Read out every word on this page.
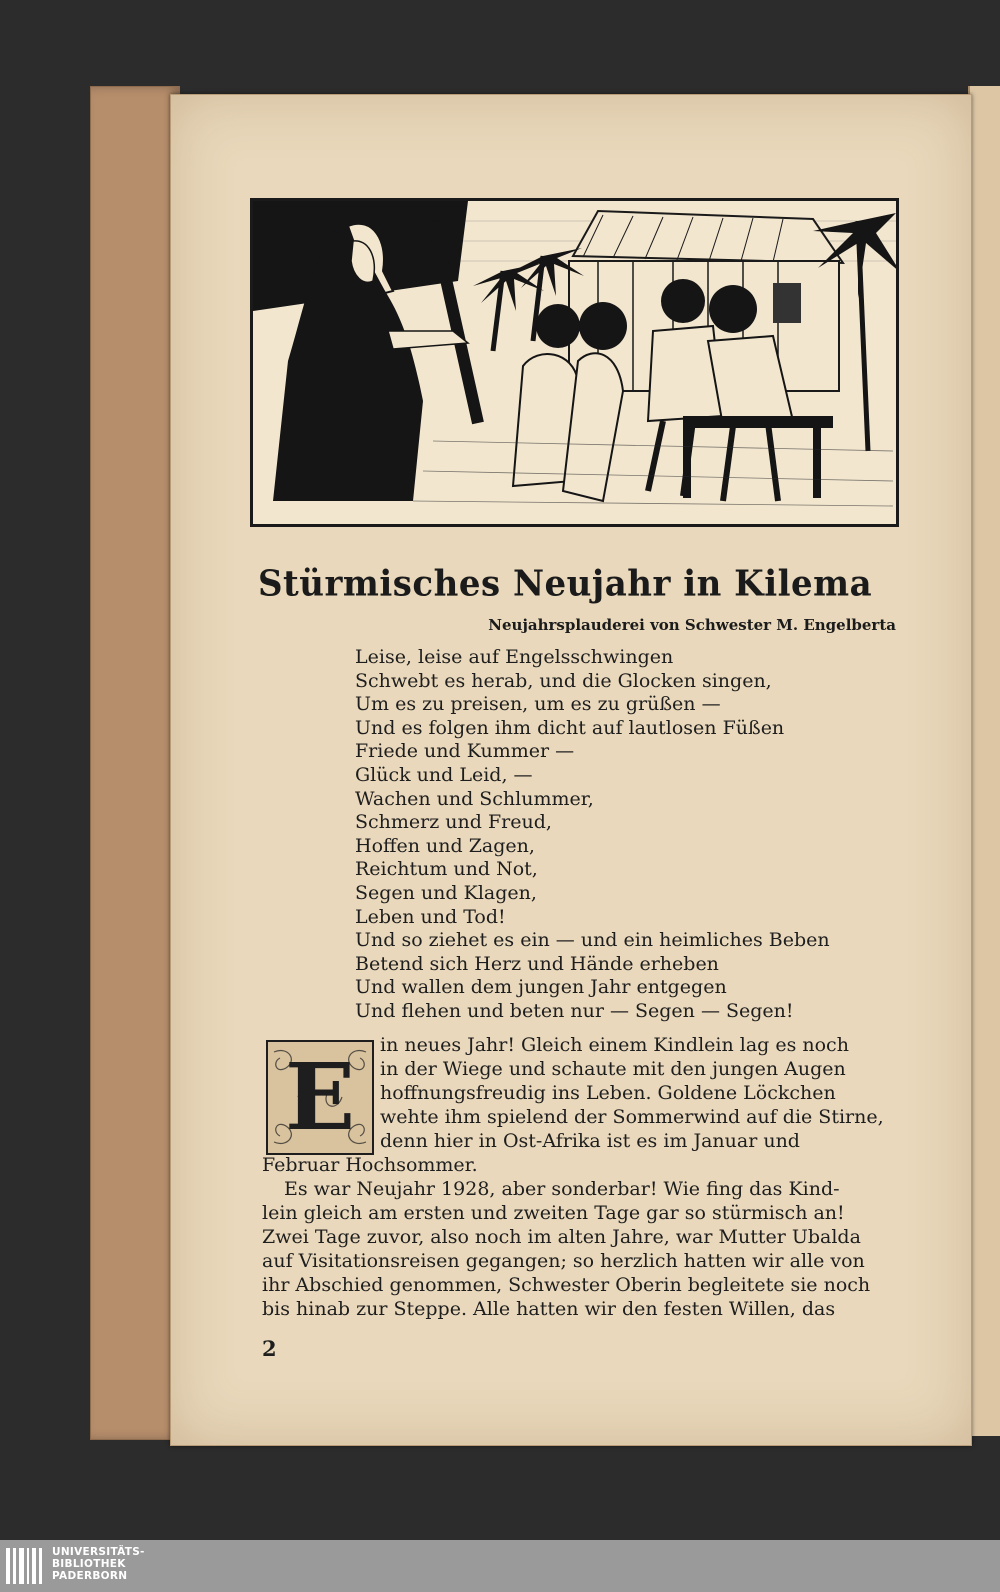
Stürmisches Neujahr in Kilema
Neujahrsplauderei von Schwester M. Engelberta
Leise, leise auf Engelsschwingen
Schwebt es herab, und die Glocken singen,
Um es zu preisen, um es zu grüßen —
Und es folgen ihm dicht auf lautlosen Füßen
Friede und Kummer —
Glück und Leid, —
Wachen und Schlummer,
Schmerz und Freud,
Hoffen und Zagen,
Reichtum und Not,
Segen und Klagen,
Leben und Tod!
Und so ziehet es ein — und ein heimliches Beben
Betend sich Herz und Hände erheben
Und wallen dem jungen Jahr entgegen
Und flehen und beten nur — Segen — Segen!
E	in neues Jahr! Gleich einem Kindlein lag es noch
in der Wiege und schaute mit den jungen Augen
hoffnungsfreudig ins Leben. Goldene Löckchen
wehte ihm spielend der Sommerwind auf die Stirne,
denn hier in Ost-Afrika ist es im Januar und
Februar Hochsommer.
Es war Neujahr 1928, aber sonderbar! Wie fing das Kind-
lein gleich am ersten und zweiten Tage gar so stürmisch an!
Zwei Tage zuvor, also noch im alten Jahre, war Mutter Ubalda
auf Visitationsreisen gegangen; so herzlich hatten wir alle von
ihr Abschied genommen, Schwester Oberin begleitete sie noch
bis hinab zur Steppe. Alle hatten wir den festen Willen, das
2
UNIVERSITÄTS-
BIBLIOTHEK
PADERBORN
